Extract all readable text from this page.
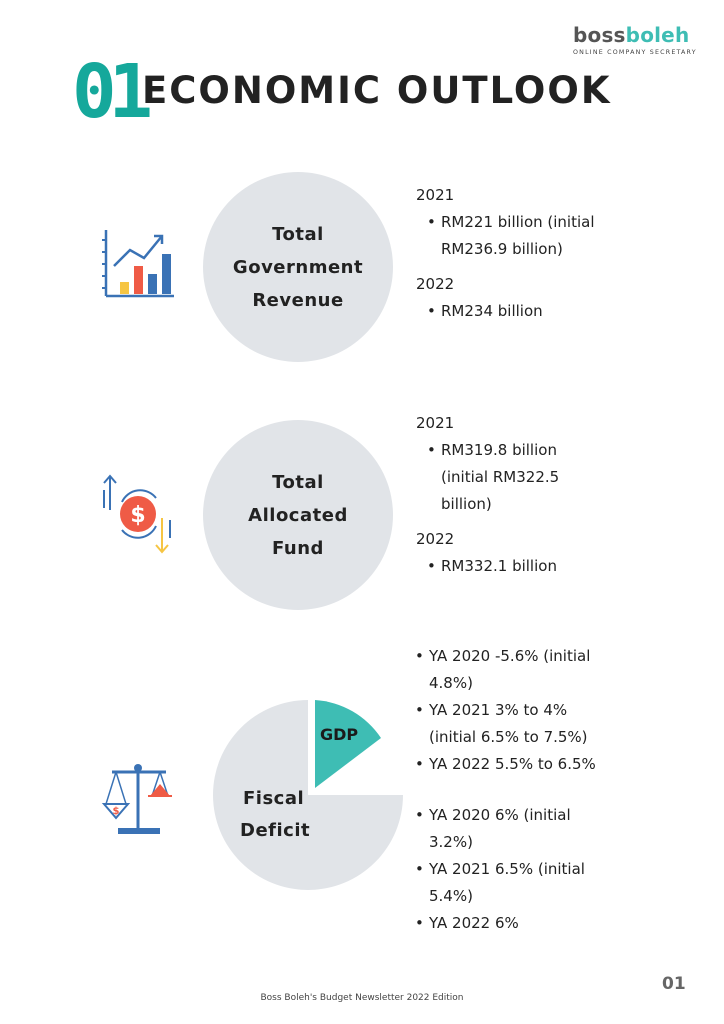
boss boleh
ONLINE COMPANY SECRETARY
01
ECONOMIC OUTLOOK
Total
Government
Revenue
2021
• RM221 billion (initial RM236.9 billion)
2022
• RM234 billion
$
Total
Allocated
Fund
2021
• RM319.8 billion (initial RM322.5 billion)
2022
• RM332.1 billion
$
GDP
Fiscal
Deficit
• YA 2020 -5.6% (initial 4.8%)
• YA 2021 3% to 4% (initial 6.5% to 7.5%)
• YA 2022 5.5% to 6.5%
• YA 2020 6% (initial 3.2%)
• YA 2021 6.5% (initial 5.4%)
• YA 2022 6%
Boss Boleh's Budget Newsletter 2022 Edition
01
